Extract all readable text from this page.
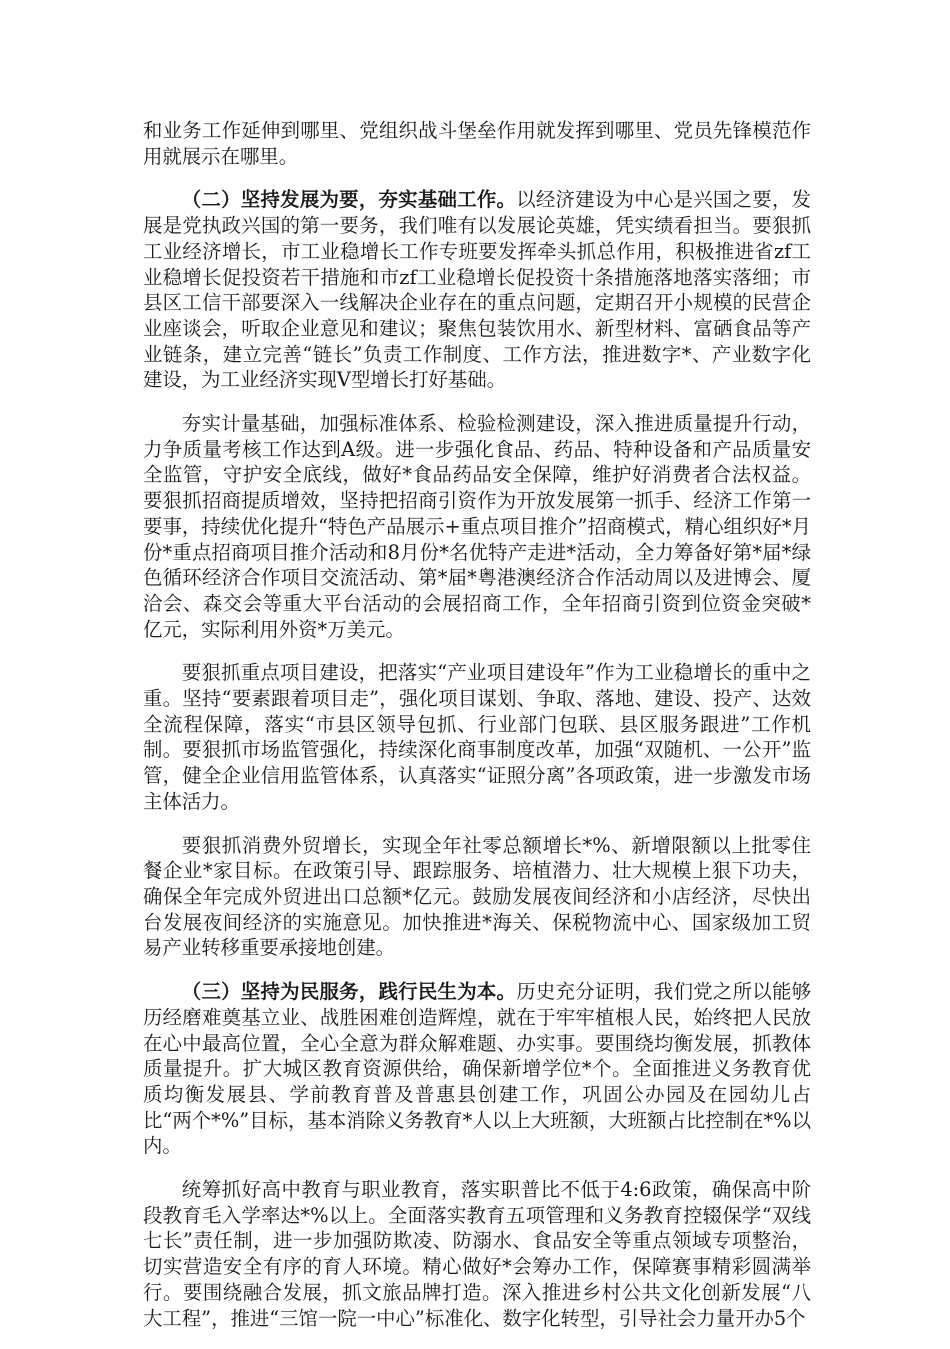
和业务工作延伸到哪里、党组织战斗堡垒作用就发挥到哪里、党员先锋模范作用就展示在哪里。

（二）坚持发展为要，夯实基础工作。以经济建设为中心是兴国之要，发展是党执政兴国的第一要务，我们唯有以发展论英雄，凭实绩看担当。要狠抓工业经济增长，市工业稳增长工作专班要发挥牵头抓总作用，积极推进省zf工业稳增长促投资若干措施和市zf工业稳增长促投资十条措施落地落实落细；市县区工信干部要深入一线解决企业存在的重点问题，定期召开小规模的民营企业座谈会，听取企业意见和建议；聚焦包装饮用水、新型材料、富硒食品等产业链条，建立完善“链长”负责工作制度、工作方法，推进数字*、产业数字化建设，为工业经济实现V型增长打好基础。

夯实计量基础，加强标准体系、检验检测建设，深入推进质量提升行动，力争质量考核工作达到A级。进一步强化食品、药品、特种设备和产品质量安全监管，守护安全底线，做好*食品药品安全保障，维护好消费者合法权益。要狠抓招商提质增效，坚持把招商引资作为开放发展第一抓手、经济工作第一要事，持续优化提升“特色产品展示+重点项目推介”招商模式，精心组织好*月份*重点招商项目推介活动和8月份*名优特产走进*活动，全力筹备好第*届*绿色循环经济合作项目交流活动、第*届*粤港澳经济合作活动周以及进博会、厦洽会、森交会等重大平台活动的会展招商工作，全年招商引资到位资金突破*亿元，实际利用外资*万美元。

要狠抓重点项目建设，把落实“产业项目建设年”作为工业稳增长的重中之重。坚持“要素跟着项目走”，强化项目谋划、争取、落地、建设、投产、达效全流程保障，落实“市县区领导包抓、行业部门包联、县区服务跟进”工作机制。要狠抓市场监管强化，持续深化商事制度改革，加强“双随机、一公开”监管，健全企业信用监管体系，认真落实“证照分离”各项政策，进一步激发市场主体活力。

要狠抓消费外贸增长，实现全年社零总额增长*%、新增限额以上批零住餐企业*家目标。在政策引导、跟踪服务、培植潜力、壮大规模上狠下功夫，确保全年完成外贸进出口总额*亿元。鼓励发展夜间经济和小店经济，尽快出台发展夜间经济的实施意见。加快推进*海关、保税物流中心、国家级加工贸易产业转移重要承接地创建。

（三）坚持为民服务，践行民生为本。历史充分证明，我们党之所以能够历经磨难奠基立业、战胜困难创造辉煌，就在于牢牢植根人民，始终把人民放在心中最高位置，全心全意为群众解难题、办实事。要围绕均衡发展，抓教体质量提升。扩大城区教育资源供给，确保新增学位*个。全面推进义务教育优质均衡发展县、学前教育普及普惠县创建工作，巩固公办园及在园幼儿占比“两个*%”目标，基本消除义务教育*人以上大班额，大班额占比控制在*%以内。

统筹抓好高中教育与职业教育，落实职普比不低于4:6政策，确保高中阶段教育毛入学率达*%以上。全面落实教育五项管理和义务教育控辍保学“双线七长”责任制，进一步加强防欺凌、防溺水、食品安全等重点领域专项整治，切实营造安全有序的育人环境。精心做好*会筹办工作，保障赛事精彩圆满举行。要围绕融合发展，抓文旅品牌打造。深入推进乡村公共文化创新发展“八大工程”，推进“三馆一院一中心”标准化、数字化转型，引导社会力量开办5个
